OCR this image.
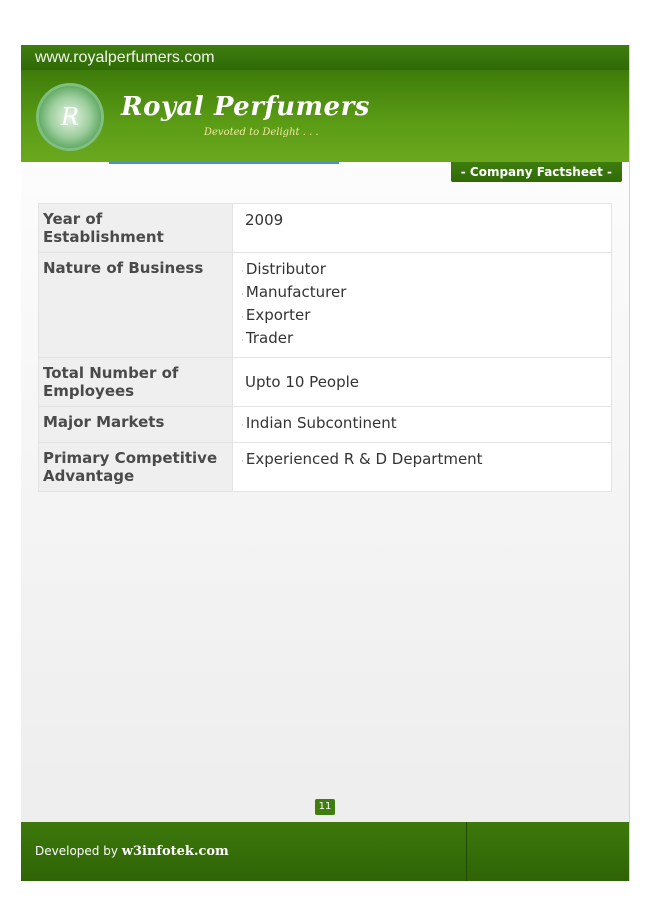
www.royalperfumers.com
R	Royal Perfumers
Devoted to Delight . . .
- Company Factsheet -
Year of Establishment	2009

Nature of Business	· Distributor
· Manufacturer
· Exporter
· Trader

Total Number of Employees	Upto 10 People

Major Markets	· Indian Subcontinent

Primary Competitive Advantage	· Experienced R & D Department
11
Developed by w3infotek.com
